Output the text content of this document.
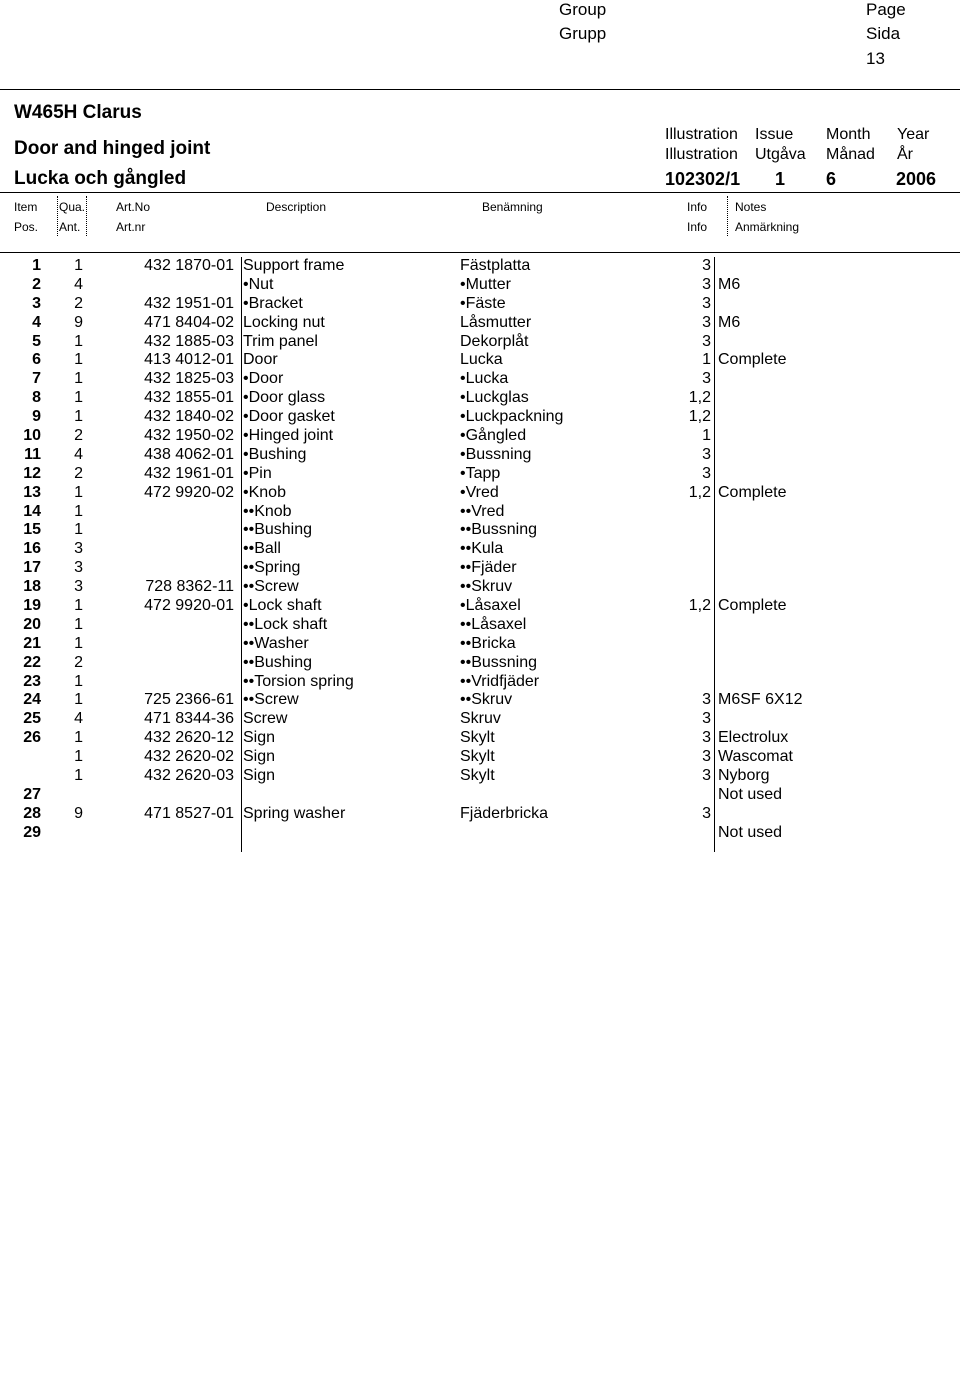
Group
Grupp
Page
Sida
13
W465H Clarus
Door and hinged joint
Lucka och gångled
Illustration
Illustration
Issue
Utgåva
Month
Månad
Year
År
102302/1 1 6	2006
Item
Pos.
Qua.
Ant.
Art.No
Art.nr
Description	Benämning	Info
Info
Notes
Anmärkning
1 1	432 1870-01 Support frame	Fästplatta	3
2 4	•Nut	•Mutter	3 M6
3 2	432 1951-01 •Bracket	•Fäste	3
4 9	471 8404-02 Locking nut	Låsmutter	3 M6
5 1	432 1885-03 Trim panel	Dekorplåt	3
6 1	413 4012-01 Door	Lucka	1 Complete
7 1	432 1825-03 •Door	•Lucka	3
8 1	432 1855-01 •Door glass	•Luckglas	1,2
9 1	432 1840-02 •Door gasket	•Luckpackning	1,2
10 2	432 1950-02 •Hinged joint	•Gångled	1
11 4	438 4062-01 •Bushing	•Bussning	3
12 2	432 1961-01 •Pin	•Tapp	3
13 1	472 9920-02 •Knob	•Vred	1,2 Complete
14 1	••Knob	••Vred
15 1	••Bushing	••Bussning
16 3	••Ball	••Kula
17 3	••Spring	••Fjäder
18 3	728 8362-11 ••Screw	••Skruv
19 1	472 9920-01 •Lock shaft	•Låsaxel	1,2 Complete
20 1	••Lock shaft	••Låsaxel
21 1	••Washer	••Bricka
22 2	••Bushing	••Bussning
23 1	••Torsion spring	••Vridfjäder
24 1	725 2366-61 ••Screw	••Skruv	3 M6SF 6X12
25 4	471 8344-36 Screw	Skruv	3
26 1	432 2620-12 Sign	Skylt	3 Electrolux
1	432 2620-02 Sign	Skylt	3 Wascomat
1	432 2620-03 Sign	Skylt	3 Nyborg
27	Not used
28 9	471 8527-01 Spring washer	Fjäderbricka	3
29	Not used
